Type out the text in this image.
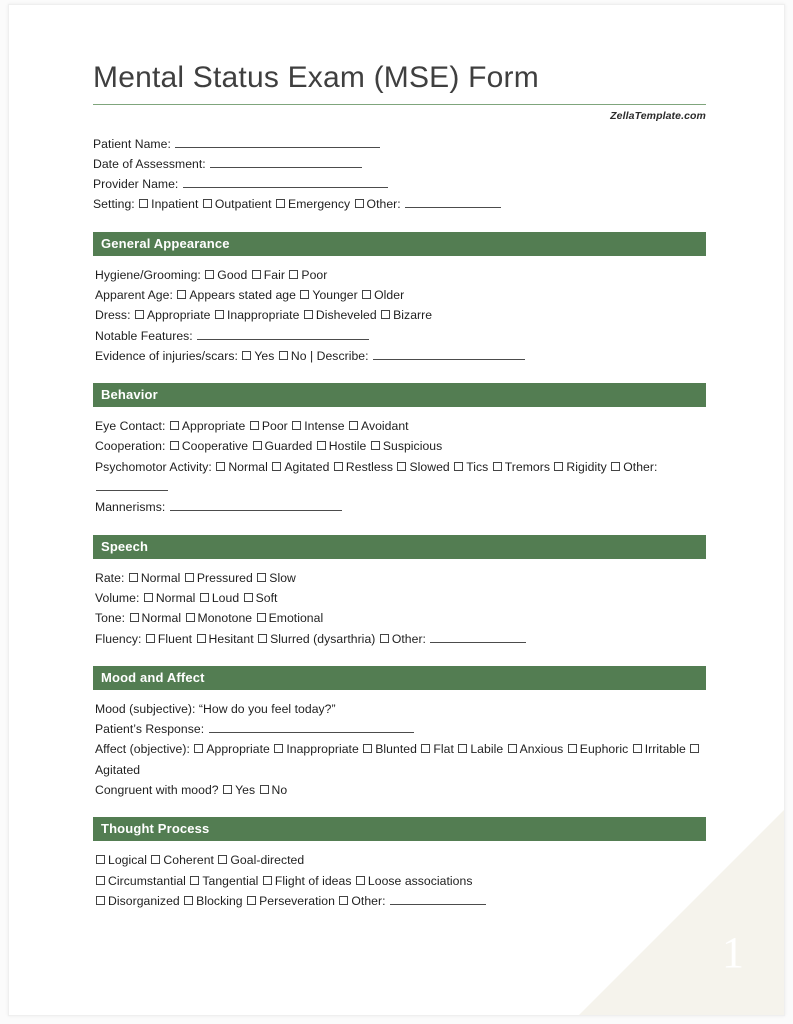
1
Mental Status Exam (MSE) Form
ZellaTemplate.com
Patient Name:
Date of Assessment:
Provider Name:
Setting: Inpatient Outpatient Emergency Other:
General Appearance
Hygiene/Grooming: Good Fair Poor
Apparent Age: Appears stated age Younger Older
Dress: Appropriate Inappropriate Disheveled Bizarre
Notable Features:
Evidence of injuries/scars: Yes No | Describe:
Behavior
Eye Contact: Appropriate Poor Intense Avoidant
Cooperation: Cooperative Guarded Hostile Suspicious
Psychomotor Activity: Normal Agitated Restless Slowed Tics Tremors Rigidity Other:
Mannerisms:
Speech
Rate: Normal Pressured Slow
Volume: Normal Loud Soft
Tone: Normal Monotone Emotional
Fluency: Fluent Hesitant Slurred (dysarthria) Other:
Mood and Affect
Mood (subjective): “How do you feel today?”
Patient’s Response:
Affect (objective): Appropriate Inappropriate Blunted Flat Labile Anxious Euphoric Irritable Agitated
Congruent with mood? Yes No
Thought Process
Logical Coherent Goal-directed
Circumstantial Tangential Flight of ideas Loose associations
Disorganized Blocking Perseveration Other:
